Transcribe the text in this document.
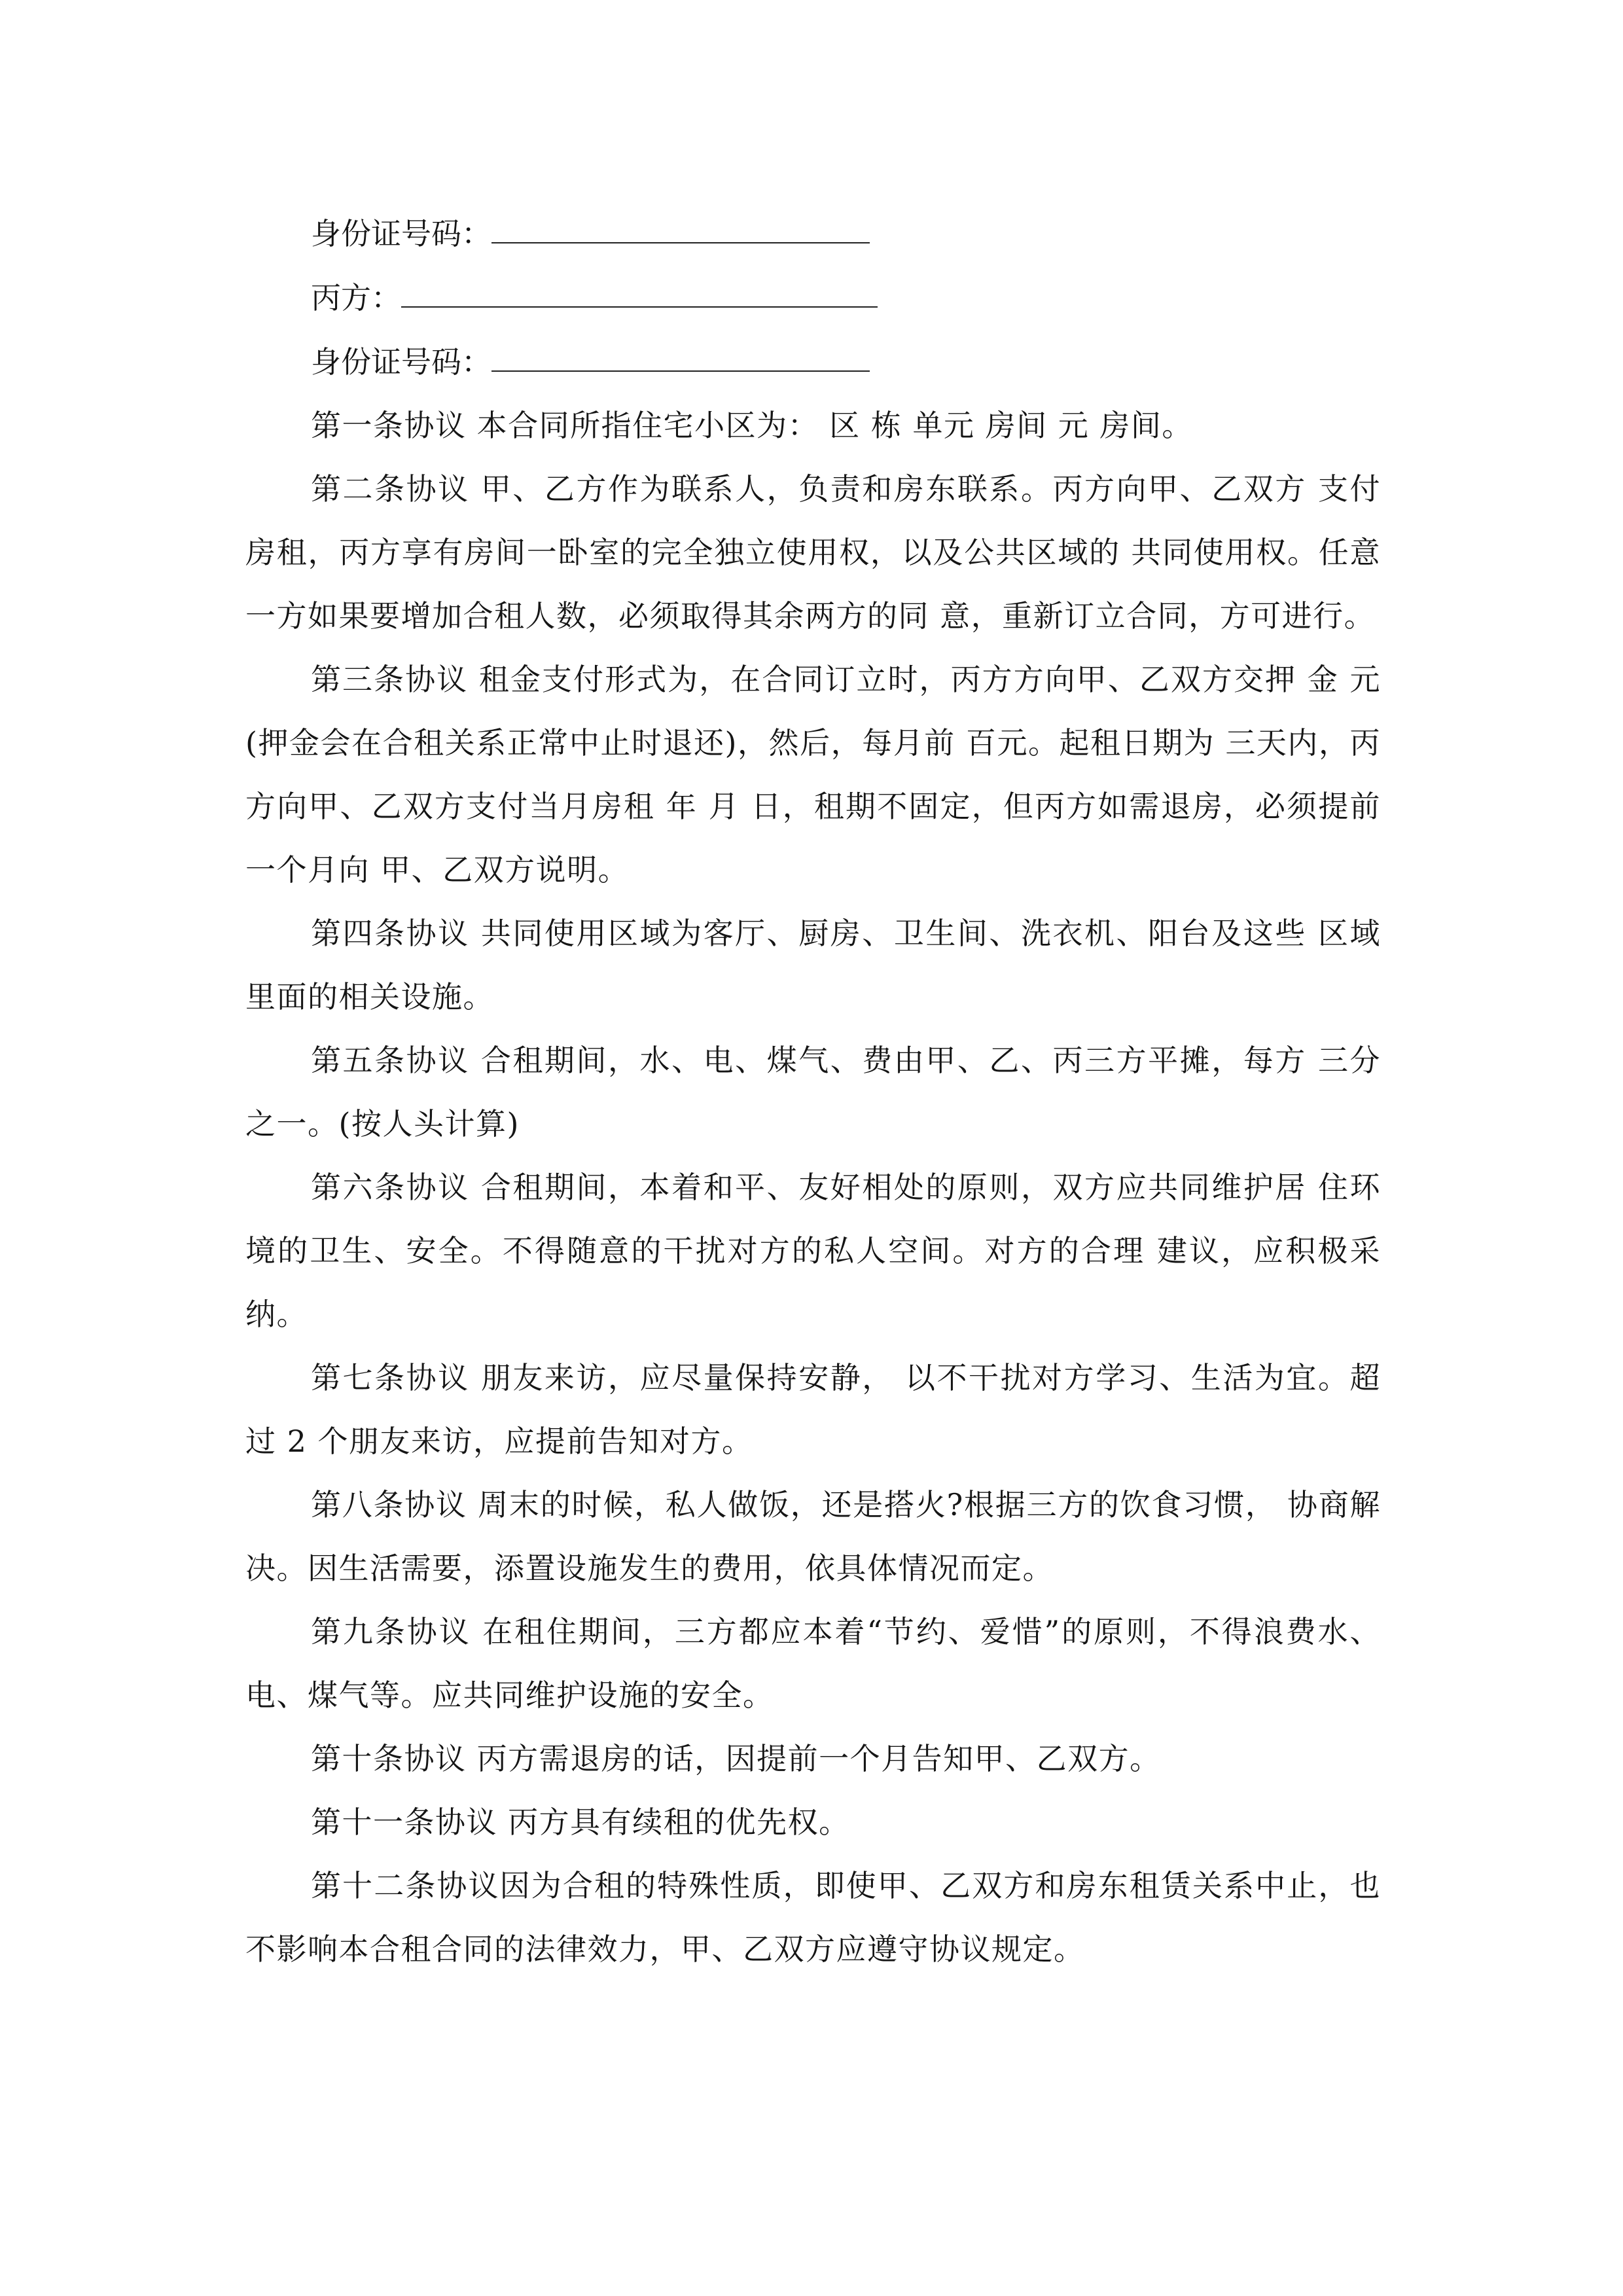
身份证号码：
丙方：
身份证号码：

第一条协议 本合同所指住宅小区为： 区 栋 单元 房间 元 房间。

第二条协议 甲、乙方作为联系人，负责和房东联系。丙方向甲、乙双方 支付房租，丙方享有房间一卧室的完全独立使用权，以及公共区域的 共同使用权。任意一方如果要增加合租人数，必须取得其余两方的同 意，重新订立合同，方可进行。

第三条协议 租金支付形式为，在合同订立时，丙方方向甲、乙双方交押 金 元(押金会在合租关系正常中止时退还)，然后，每月前 百元。起租日期为 三天内，丙方向甲、乙双方支付当月房租 年 月 日，租期不固定，但丙方如需退房，必须提前一个月向 甲、乙双方说明。

第四条协议 共同使用区域为客厅、厨房、卫生间、洗衣机、阳台及这些 区域里面的相关设施。

第五条协议 合租期间，水、电、煤气、费由甲、乙、丙三方平摊，每方 三分之一。(按人头计算)

第六条协议 合租期间，本着和平、友好相处的原则，双方应共同维护居 住环境的卫生、安全。不得随意的干扰对方的私人空间。对方的合理 建议，应积极采纳。

第七条协议 朋友来访，应尽量保持安静， 以不干扰对方学习、生活为宜。超过 2 个朋友来访，应提前告知对方。

第八条协议 周末的时候，私人做饭，还是搭火?根据三方的饮食习惯， 协商解决。因生活需要，添置设施发生的费用，依具体情况而定。

第九条协议 在租住期间，三方都应本着“节约、爱惜”的原则，不得浪费水、电、煤气等。应共同维护设施的安全。

第十条协议 丙方需退房的话，因提前一个月告知甲、乙双方。

第十一条协议 丙方具有续租的优先权。

第十二条协议因为合租的特殊性质，即使甲、乙双方和房东租赁关系中止，也不影响本合租合同的法律效力，甲、乙双方应遵守协议规定。
